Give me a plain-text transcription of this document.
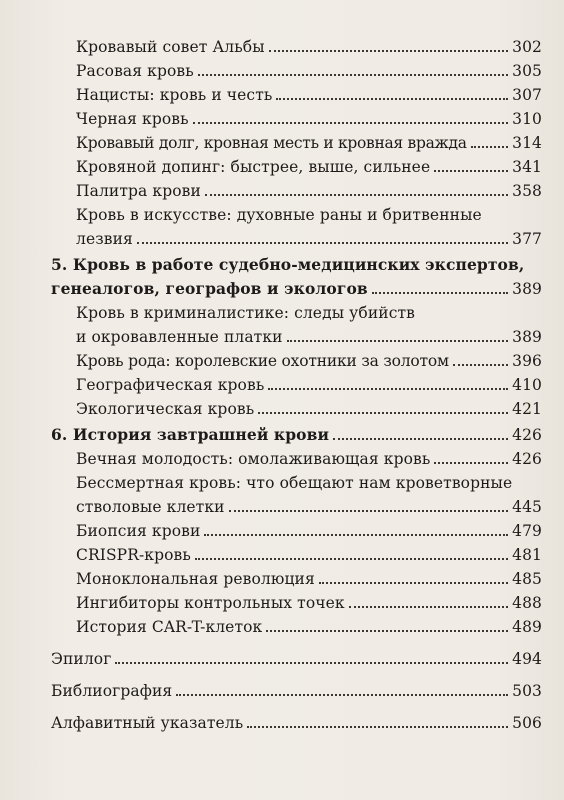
Кровавый совет Альбы	302
Расовая кровь	305
Нацисты: кровь и честь	307
Черная кровь	310
Кровавый долг, кровная месть и кровная вражда	314
Кровяной допинг: быстрее, выше, сильнее	341
Палитра крови	358
Кровь в искусстве: духовные раны и бритвенные
лезвия	377
5. Кровь в работе судебно-медицинских экспертов,
генеалогов, географов и экологов	389
Кровь в криминалистике: следы убийств
и окровавленные платки	389
Кровь рода: королевские охотники за золотом	396
Географическая кровь	410
Экологическая кровь	421
6. История завтрашней крови	426
Вечная молодость: омолаживающая кровь	426
Бессмертная кровь: что обещают нам кроветворные
стволовые клетки	445
Биопсия крови	479
CRISPR-кровь	481
Моноклональная революция	485
Ингибиторы контрольных точек	488
История CAR-T-клеток	489
Эпилог	494
Библиография	503
Алфавитный указатель	506
